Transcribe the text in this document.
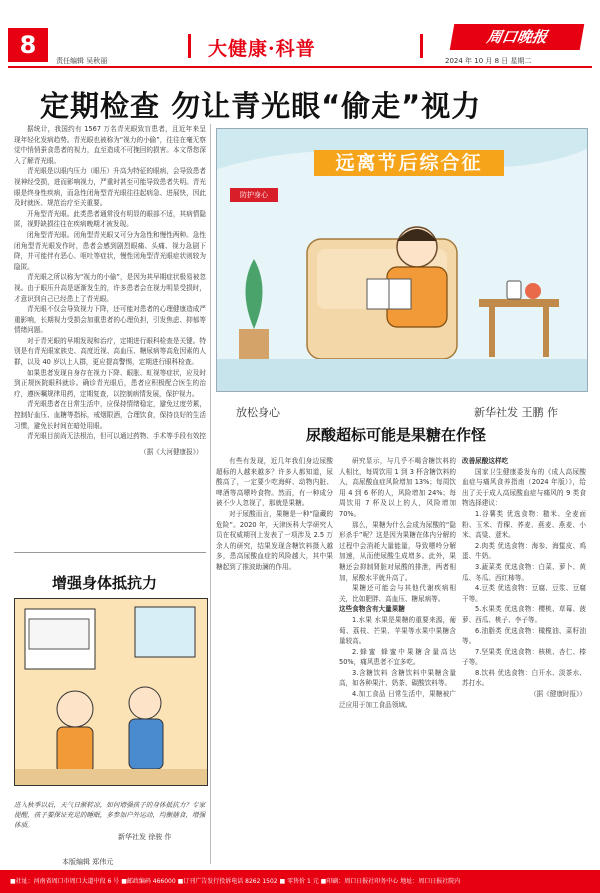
8
责任编辑 吴秋丽
大健康·科普
周口晚报
2024 年 10 月 8 日 星期二
定期检查 勿让青光眼“偷走”视力

据统计，我国约有 1567 万名青光眼致盲患者，且近年来呈现年轻化发病趋势。青光眼也被称为“视力的小偷”，往往在毫无察觉中悄悄蚕食患者的视力，直至造成不可挽回的损害。本文帮您深入了解青光眼。

青光眼是以眼内压力（眼压）升高为特征的眼病，会导致患者视神经受损，进而影响视力，严重时甚至可能导致患者失明。青光眼是终身性疾病，而急性闭角型青光眼往往起病急、进展快，因此及时就医、规范治疗至关重要。

开角型青光眼。此类患者通常没有明显的眼部不适，其病情隐匿，视野缺损往往在疾病晚期才被发现。

闭角型青光眼。闭角型青光眼又可分为急性和慢性两种。急性闭角型青光眼发作时，患者会感到剧烈眼痛、头痛、视力急剧下降，并可能伴有恶心、呕吐等症状，慢性闭角型青光眼症状则较为隐匿。

青光眼之所以称为“视力的小偷”，是因为其早期症状极易被忽视。由于眼压升高是逐渐发生的，许多患者会在视力明显受损时，才意识到自己已经患上了青光眼。

青光眼不仅会导致视力下降，还可能对患者的心理健康造成严重影响，长期视力受损会加重患者的心理负担，引发焦虑、抑郁等情绪问题。

对于青光眼的早期发现和治疗，定期进行眼科检查是关键。特别是有青光眼家族史、高度近视、高血压、糖尿病等高危因素的人群，以及 40 岁以上人群，更应提高警惕，定期进行眼科检查。

如果患者发现自身存在视力下降、眼胀、虹视等症状，应及时到正规医院眼科就诊。确诊青光眼后，患者应积极配合医生的治疗，遵医嘱规律用药，定期复查，以控制病情发展，保护视力。

青光眼患者在日常生活中，应保持情绪稳定，避免过度劳累，控制好血压、血糖等指标，戒烟限酒，合理饮食，保持良好的生活习惯，避免长时间在暗处用眼。

青光眼目前尚无法根治，但可以通过药物、手术等手段有效控

（据《大河健康报》）
远离节后综合征
防护身心
放松身心	新华社发 王鹏 作
尿酸超标可能是果糖在作怪

有些有发现，近几年我们身边尿酸超标的人越来越多？许多人都知道，尿酸高了，一定要少吃海鲜、动物内脏、啤酒等高嘌呤食物。然而，有一种成分被不少人忽视了，那就是果糖。

对于尿酸而言，果糖是一种“隐藏的危险”。2020 年，天津医科大学研究人员在权威期刊上发表了一项涉及 2.5 万余人的研究，结果发现含糖饮料摄入越多，患高尿酸血症的风险越大，其中果糖起到了推波助澜的作用。

研究显示，与几乎不喝含糖饮料的人相比，每周饮用 1 到 3 杯含糖饮料的人，高尿酸血症风险增加 13%；每周饮用 4 到 6 杯的人，风险增加 24%；每周饮用 7 杯及以上的人，风险增加 70%。

那么，果糖为什么会成为尿酸的“隐形杀手”呢？这是因为果糖在体内分解的过程中会消耗大量能量，导致嘌呤分解加速，从而使尿酸生成增多。此外，果糖还会抑制肾脏对尿酸的排泄，两者相加，尿酸水平就升高了。

果糖还可能会与其他代谢疾病相关，比如肥胖、高血压、糖尿病等。

这些食物含有大量果糖

1.水果 水果是果糖的重要来源，葡萄、荔枝、芒果、苹果等水果中果糖含量较高。

2.蜂蜜 蜂蜜中果糖含量高达 50%，痛风患者不宜多吃。

3.含糖饮料 含糖饮料中果糖含量高，如各种果汁、奶茶、碳酸饮料等。

4.加工食品 日常生活中，果糖被广泛应用于加工食品领域。

改善尿酸这样吃

国家卫生健康委发布的《成人高尿酸血症与痛风食养指南（2024 年版）》，给出了关于成人高尿酸血症与痛风的 9 类食物选择建议：

1.谷薯类 优选食物：糙米、全麦面粉、玉米、青稞、荞麦、燕麦、燕麦、小米、高粱、薏米。

2.肉类 优选食物：海参、海蜇皮、鸡蛋、牛奶。

3.蔬菜类 优选食物：白菜、萝卜、黄瓜、冬瓜、西红柿等。

4.豆类 优选食物：豆腐、豆浆、豆腐干等。

5.水果类 优选食物：樱桃、草莓、菠萝、西瓜、桃子、李子等。

6.油脂类 优选食物：橄榄油、菜籽油等。

7.坚果类 优选食物：核桃、杏仁、榛子等。

8.饮料 优选食物：白开水、淡茶水、苏打水。

（据《健康时报》）

增强身体抵抗力
进入秋季以后，天气日渐转凉，如何增强孩子的身体抵抗力？专家提醒，孩子要保证充足的睡眠，多参加户外运动，均衡膳食，增强体质。
新华社发 徐骏 作
本版编辑 郑伟元
■社址：河南省周口市周口大道中段 6 号 ■邮政编码 466000 ■订刊广告发行投诉电话 8262 1502 ■ 零售价 1 元 ■印刷：周口日报社印务中心 地址：周口日报社院内
